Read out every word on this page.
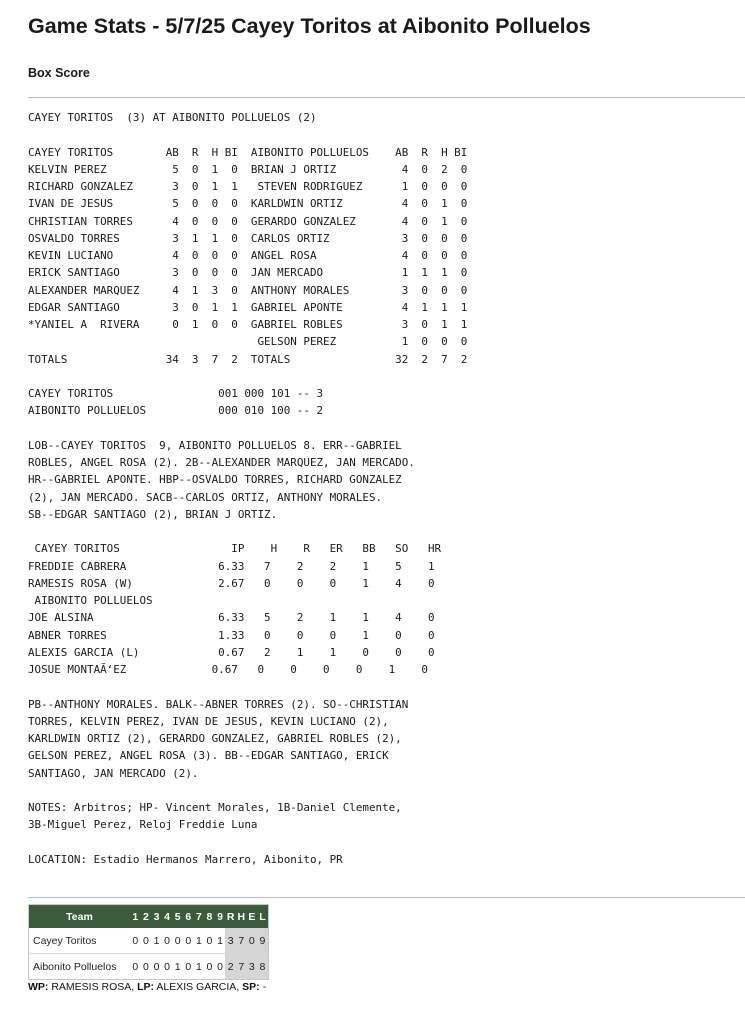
Game Stats - 5/7/25 Cayey Toritos at Aibonito Polluelos
Box Score
CAYEY TORITOS  (3) AT AIBONITO POLLUELOS (2)
CAYEY TORITOS        AB  R  H BI  AIBONITO POLLUELOS    AB  R  H BI
KELVIN PEREZ          5  0  1  0  BRIAN J ORTIZ          4  0  2  0
RICHARD GONZALEZ      3  0  1  1   STEVEN RODRIGUEZ      1  0  0  0
IVAN DE JESUS         5  0  0  0  KARLDWIN ORTIZ         4  0  1  0
CHRISTIAN TORRES      4  0  0  0  GERARDO GONZALEZ       4  0  1  0
OSVALDO TORRES        3  1  1  0  CARLOS ORTIZ           3  0  0  0
KEVIN LUCIANO         4  0  0  0  ANGEL ROSA             4  0  0  0
ERICK SANTIAGO        3  0  0  0  JAN MERCADO            1  1  1  0
ALEXANDER MARQUEZ     4  1  3  0  ANTHONY MORALES        3  0  0  0
EDGAR SANTIAGO        3  0  1  1  GABRIEL APONTE         4  1  1  1
*YANIEL A  RIVERA     0  1  0  0  GABRIEL ROBLES         3  0  1  1
GELSON PEREZ          1  0  0  0
TOTALS               34  3  7  2  TOTALS                32  2  7  2
CAYEY TORITOS                001 000 101 -- 3
AIBONITO POLLUELOS           000 010 100 -- 2
LOB--CAYEY TORITOS  9, AIBONITO POLLUELOS 8. ERR--GABRIEL
ROBLES, ANGEL ROSA (2). 2B--ALEXANDER MARQUEZ, JAN MERCADO.
HR--GABRIEL APONTE. HBP--OSVALDO TORRES, RICHARD GONZALEZ
(2), JAN MERCADO. SACB--CARLOS ORTIZ, ANTHONY MORALES.
SB--EDGAR SANTIAGO (2), BRIAN J ORTIZ.
CAYEY TORITOS                 IP    H    R   ER   BB   SO   HR
FREDDIE CABRERA              6.33   7    2    2    1    5    1
RAMESIS ROSA (W)             2.67   0    0    0    1    4    0
AIBONITO POLLUELOS
JOE ALSINA                   6.33   5    2    1    1    4    0
ABNER TORRES                 1.33   0    0    0    1    0    0
ALEXIS GARCIA (L)            0.67   2    1    1    0    0    0
JOSUE MONTAÃ‘EZ             0.67   0    0    0    0    1    0
PB--ANTHONY MORALES. BALK--ABNER TORRES (2). SO--CHRISTIAN
TORRES, KELVIN PEREZ, IVAN DE JESUS, KEVIN LUCIANO (2),
KARLDWIN ORTIZ (2), GERARDO GONZALEZ, GABRIEL ROBLES (2),
GELSON PEREZ, ANGEL ROSA (3). BB--EDGAR SANTIAGO, ERICK
SANTIAGO, JAN MERCADO (2).
NOTES: Arbitros; HP- Vincent Morales, 1B-Daniel Clemente,
3B-Miguel Perez, Reloj Freddie Luna
LOCATION: Estadio Hermanos Marrero, Aibonito, PR
Team	1	2	3	4	5	6	7	8	9	R	H	E	L
Cayey Toritos	0	0	1	0	0	0	1	0	1	3	7	0	9
Aibonito Polluelos	0	0	0	0	1	0	1	0	0	2	7	3	8
WP: RAMESIS ROSA, LP: ALEXIS GARCIA, SP: -
